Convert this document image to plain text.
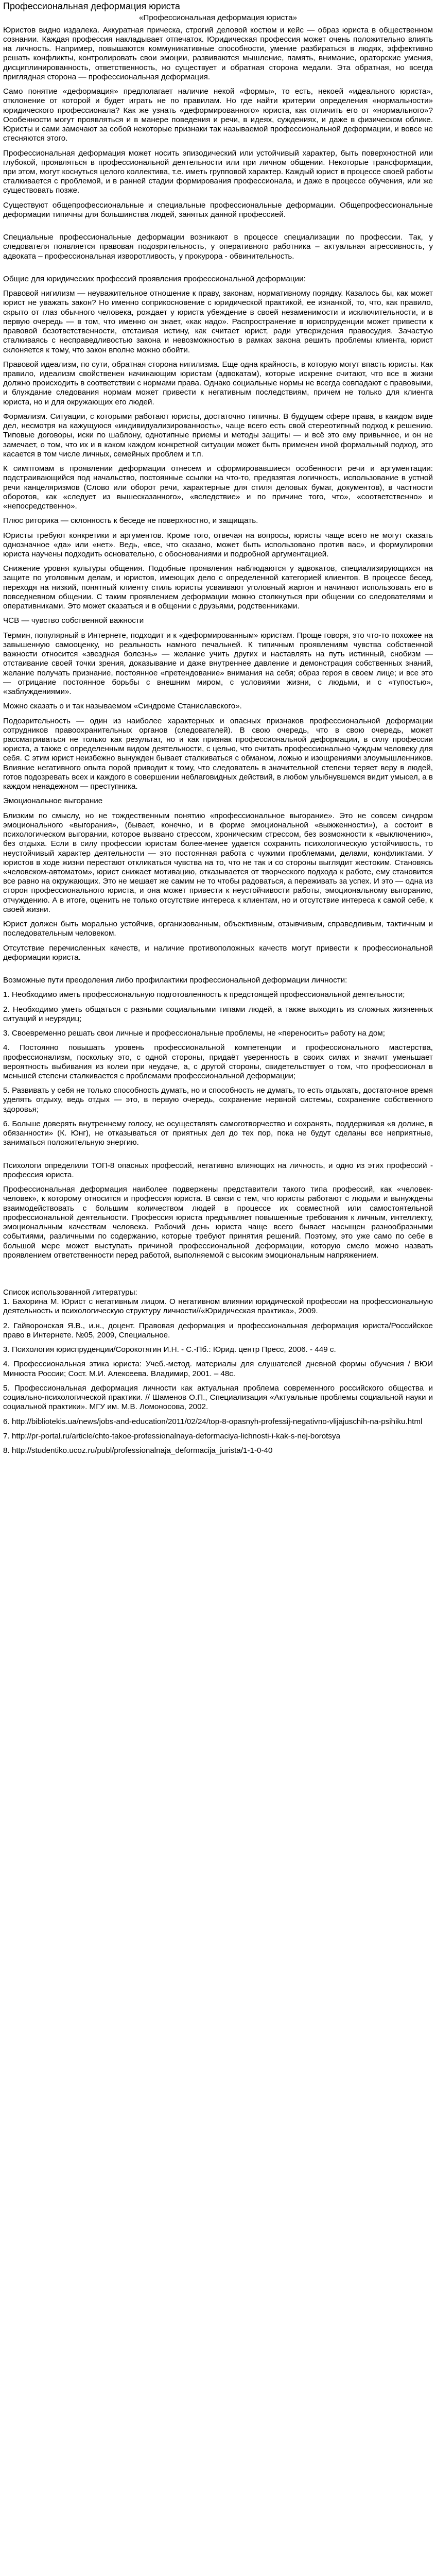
Профессиональная деформация юриста
«Профессиональная деформация юриста»

Юристов видно издалека. Аккуратная прическа, строгий деловой костюм и кейс — образ юриста в общественном сознании. Каждая профессия накладывает отпечаток. Юридическая профессия может очень положительно влиять на личность. Например, повышаются коммуникативные способности, умение разбираться в людях, эффективно решать конфликты, контролировать свои эмоции, развиваются мышление, память, внимание, ораторские умения, дисциплинированность, ответственность, но существует и обратная сторона медали. Эта обратная, но всегда приглядная сторона — профессиональная деформация.

Само понятие «деформация» предполагает наличие некой «формы», то есть, некоей «идеального юриста», отклонение от которой и будет играть не по правилам. Но где найти критерии определения «нормальности» юридического профессионала? Как же узнать «деформированного» юриста, как отличить его от «нормального»? Особенности могут проявляться и в манере поведения и речи, в идеях, суждениях, и даже в физическом облике. Юристы и сами замечают за собой некоторые признаки так называемой профессиональной деформации, и вовсе не стесняются этого.

Профессиональная деформация может носить эпизодический или устойчивый характер, быть поверхностной или глубокой, проявляться в профессиональной деятельности или при личном общении. Некоторые трансформации, при этом, могут коснуться целого коллектива, т.е. иметь групповой характер. Каждый юрист в процессе своей работы сталкивается с проблемой, и в ранней стадии формирования профессионала, и даже в процессе обучения, или же существовать позже.

Существуют общепрофессиональные и специальные профессиональные деформации. Общепрофессиональные деформации типичны для большинства людей, занятых данной профессией.

Специальные профессиональные деформации возникают в процессе специализации по профессии. Так, у следователя появляется правовая подозрительность, у оперативного работника – актуальная агрессивность, у адвоката – профессиональная изворотливость, у прокурора - обвинительность.

Общие для юридических профессий проявления профессиональной деформации:

Правовой нигилизм — неуважительное отношение к праву, законам, нормативному порядку. Казалось бы, как может юрист не уважать закон? Но именно соприкосновение с юридической практикой, ее изнанкой, то, что, как правило, скрыто от глаз обычного человека, рождает у юриста убеждение в своей незаменимости и исключительности, и в первую очередь — в том, что именно он знает, «как надо». Распространение в юриспруденции может привести к правовой безответственности, отстаивая истину, как считает юрист, ради утверждения правосудия. Зачастую сталкиваясь с несправедливостью закона и невозможностью в рамках закона решить проблемы клиента, юрист склоняется к тому, что закон вполне можно обойти.

Правовой идеализм, по сути, обратная сторона нигилизма. Еще одна крайность, в которую могут впасть юристы. Как правило, идеализм свойственен начинающим юристам (адвокатам), которые искренне считают, что все в жизни должно происходить в соответствии с нормами права. Однако социальные нормы не всегда совпадают с правовыми, и блуждание следования нормам может привести к негативным последствиям, причем не только для клиента юриста, но и для окружающих его людей.

Формализм. Ситуации, с которыми работают юристы, достаточно типичны. В будущем сфере права, в каждом виде дел, несмотря на кажущуюся «индивидуализированность», чаще всего есть свой стереотипный подход к решению. Типовые договоры, иски по шаблону, однотипные приемы и методы защиты — и всё это ему привычнее, и он не замечает, о том, что их и в каком каждом конкретной ситуации может быть применен иной формальный подход, это касается в том числе личных, семейных проблем и т.п.

К симптомам в проявлении деформации отнесем и сформировавшиеся особенности речи и аргументации: подстраивающийся под начальство, постоянные ссылки на что-то, предвзятая логичность, использование в устной речи канцеляризмов (Слово или оборот речи, характерные для стиля деловых бумаг, документов), в частности оборотов, как «следует из вышесказанного», «вследствие» и по причине того, что», «соответственно» и «непосредственно».

Плюс риторика — склонность к беседе не поверхностно, и защищать.

Юристы требуют конкретики и аргументов. Кроме того, отвечая на вопросы, юристы чаще всего не могут сказать однозначное «да» или «нет». Ведь, «все, что сказано, может быть использовано против вас», и формулировки юриста научены подходить основательно, с обоснованиями и подробной аргументацией.

Снижение уровня культуры общения. Подобные проявления наблюдаются у адвокатов, специализирующихся на защите по уголовным делам, и юристов, имеющих дело с определенной категорией клиентов. В процессе бесед, переходя на низкий, понятный клиенту стиль юристы усваивают уголовный жаргон и начинают использовать его в повседневном общении. С таким проявлением деформации можно столкнуться при общении со следователями и оперативниками. Это может сказаться и в общении с друзьями, родственниками.

ЧСВ — чувство собственной важности

Термин, популярный в Интернете, подходит и к «деформированным» юристам. Проще говоря, это что-то похожее на завышенную самооценку, но реальность намного печальней. К типичным проявлениям чувства собственной важности относится «звездная болезнь» — желание учить других и наставлять на путь истинный, снобизм — отстаивание своей точки зрения, доказывание и даже внутреннее давление и демонстрация собственных знаний, желание получать признание, постоянное «претендование» внимания на себя; образ героя в своем лице; и все это — отрицание постоянное борьбы с внешним миром, с условиями жизни, с людьми, и с «тупостью», «заблуждениями».

Можно сказать о и так называемом «Синдроме Станиславского».

Подозрительность — один из наиболее характерных и опасных признаков профессиональной деформации сотрудников правоохранительных органов (следователей). В свою очередь, что в свою очередь, может рассматриваться не только как результат, но и как признак профессиональной деформации, в силу профессии юриста, а также с определенным видом деятельности, с целью, что считать профессионально чуждым человеку для себя. С этим юрист неизбежно вынужден бывает сталкиваться с обманом, ложью и изощрениями злоумышленников. Влияние негативного опыта порой приводит к тому, что следователь в значительной степени теряет веру в людей, готов подозревать всех и каждого в совершении неблаговидных действий, в любом улыбнувшемся видит умысел, а в каждом ненадежном — преступника.

Эмоциональное выгорание

Близким по смыслу, но не тождественным понятию «профессиональное выгорание». Это не совсем синдром эмоционального «выгорания», (бывает, конечно, и в форме эмоциональной «выжженности»), а состоит в психологическом выгорании, которое вызвано стрессом, хроническим стрессом, без возможности к «выключению», без отдыха. Если в силу профессии юристам более-менее удается сохранить психологическую устойчивость, то неустойчивый характер деятельности — это постоянная работа с чужими проблемами, делами, конфликтами. У юристов в ходе жизни перестают откликаться чувства на то, что не так и со стороны выглядит жестоким. Становясь «человеком-автоматом», юрист снижает мотивацию, отказывается от творческого подхода к работе, ему становится все равно на окружающих. Это не мешает же самим не то чтобы радоваться, а переживать за успех. И это — одна из сторон профессионального юриста, и она может привести к неустойчивости работы, эмоциональному выгоранию, отчуждению. А в итоге, оценить не только отсутствие интереса к клиентам, но и отсутствие интереса к самой себе, к своей жизни.

Юрист должен быть морально устойчив, организованным, объективным, отзывчивым, справедливым, тактичным и последовательным человеком.

Отсутствие перечисленных качеств, и наличие противоположных качеств могут привести к профессиональной деформации юриста.

Возможные пути преодоления либо профилактики профессиональной деформации личности:

1. Необходимо иметь профессиональную подготовленность к предстоящей профессиональной деятельности;

2. Необходимо уметь общаться с разными социальными типами людей, а также выходить из сложных жизненных ситуаций и неурядиц;

3. Своевременно решать свои личные и профессиональные проблемы, не «переносить» работу на дом;

4. Постоянно повышать уровень профессиональной компетенции и профессионального мастерства, профессионализм, поскольку это, с одной стороны, придаёт уверенность в своих силах и значит уменьшает вероятность выбивания из колеи при неудаче, а, с другой стороны, свидетельствует о том, что профессионал в меньшей степени сталкивается с проблемами профессиональной деформации;

5. Развивать у себя не только способность думать, но и способность не думать, то есть отдыхать, достаточное время уделять отдыху, ведь отдых — это, в первую очередь, сохранение нервной системы, сохранение собственного здоровья;

6. Больше доверять внутреннему голосу, не осуществлять самоготворчество и сохранять, поддерживая «в долине, в обязанности» (К. Юнг), не отказываться от приятных дел до тех пор, пока не будут сделаны все неприятные, заниматься положительную энергию.

Психологи определили ТОП-8 опасных профессий, негативно влияющих на личность, и одно из этих профессий - профессия юриста.

Профессиональная деформация наиболее подвержены представители такого типа профессий, как «человек-человек», к которому относится и профессия юриста. В связи с тем, что юристы работают с людьми и вынуждены взаимодействовать с большим количеством людей в процессе их совместной или самостоятельной профессиональной деятельности. Профессия юриста предъявляет повышенные требования к личным, интеллекту, эмоциональным качествам человека. Рабочий день юриста чаще всего бывает насыщен разнообразными событиями, различными по содержанию, которые требуют принятия решений. Поэтому, это уже само по себе в большой мере может выступать причиной профессиональной деформации, которую смело можно назвать проявлением ответственности перед работой, выполняемой с высоким эмоциональным напряжением.

Список использованной литературы:

1. Бахорина М. Юрист с негативным лицом. О негативном влиянии юридической профессии на профессиональную деятельность и психологическую структуру личности//«Юридическая практика», 2009.

2. Гайворонская Я.В., и.н., доцент. Правовая деформация и профессиональная деформация юриста/Российское право в Интернете. №05, 2009, Специальное.

3. Психология юриспруденции/Сорокотягин И.Н. - С.-Пб.: Юрид. центр Пресс, 2006. - 449 с.

4. Профессиональная этика юриста: Учеб.-метод. материалы для слушателей дневной формы обучения / ВЮИ Минюста России; Сост. М.И. Алексеева. Владимир, 2001. – 48с.

5. Профессиональная деформация личности как актуальная проблема современного российского общества и социально-психологической практики. // Шаменов О.П., Специализация «Актуальные проблемы социальной науки и социальной практики». МГУ им. М.В. Ломоносова, 2002.

6. http://bibliotekis.ua/news/jobs-and-education/2011/02/24/top-8-opasnyh-professij-negativno-vlijajuschih-na-psihiku.html

7. http://pr-portal.ru/article/chto-takoe-professionalnaya-deformaciya-lichnosti-i-kak-s-nej-borotsya

8. http://studentiko.ucoz.ru/publ/professionalnaja_deformacija_jurista/1-1-0-40
